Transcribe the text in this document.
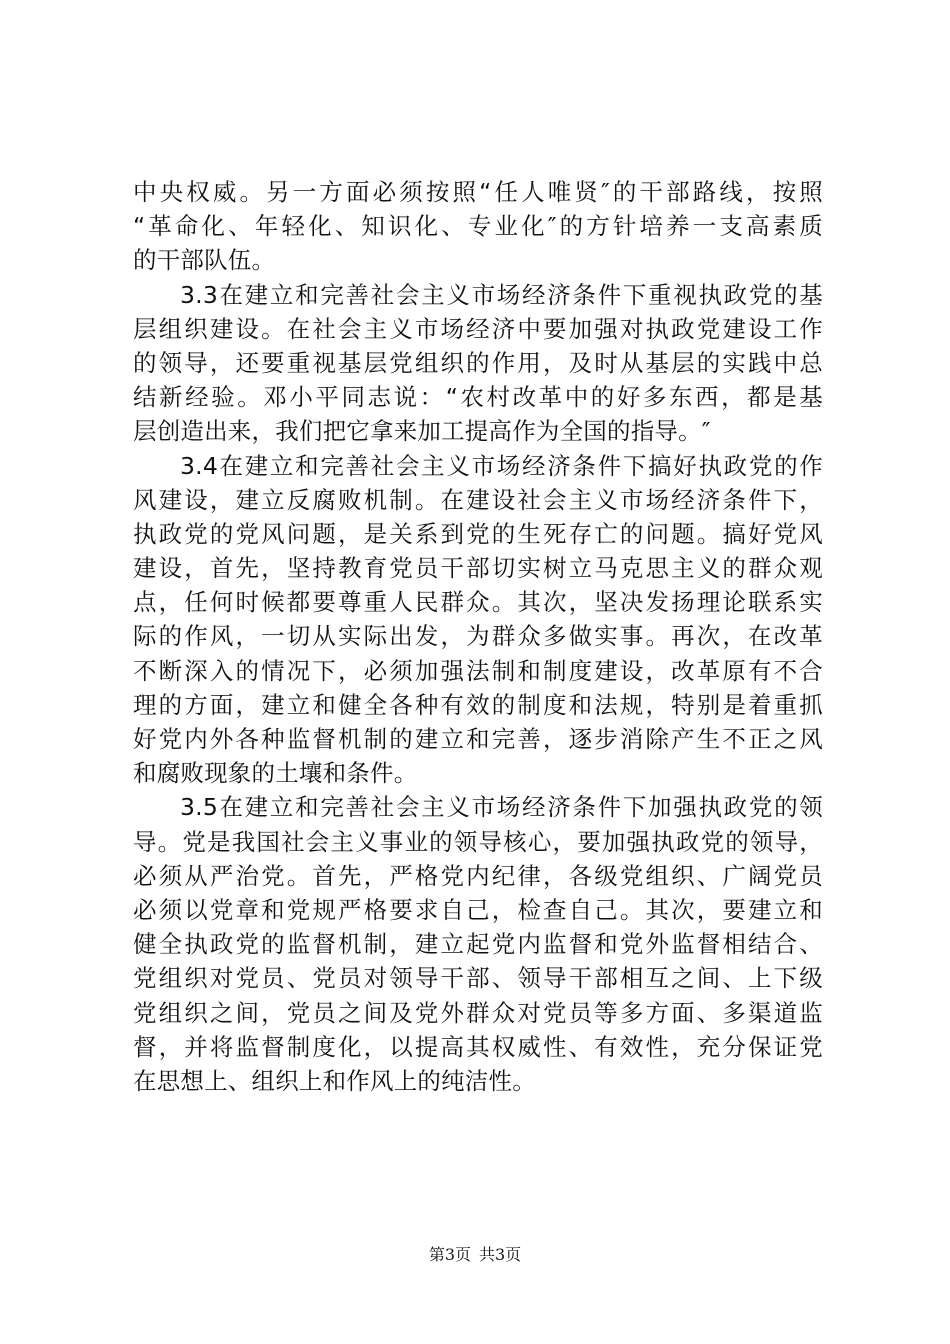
中央权威。另一方面必须按照“任人唯贤″的干部路线，按照
“革命化、年轻化、知识化、专业化″的方针培养一支高素质
的干部队伍。
3.3在建立和完善社会主义市场经济条件下重视执政党的基
层组织建设。在社会主义市场经济中要加强对执政党建设工作
的领导，还要重视基层党组织的作用，及时从基层的实践中总
结新经验。邓小平同志说：“农村改革中的好多东西，都是基
层创造出来，我们把它拿来加工提高作为全国的指导。″
3.4在建立和完善社会主义市场经济条件下搞好执政党的作
风建设，建立反腐败机制。在建设社会主义市场经济条件下，
执政党的党风问题，是关系到党的生死存亡的问题。搞好党风
建设，首先，坚持教育党员干部切实树立马克思主义的群众观
点，任何时候都要尊重人民群众。其次，坚决发扬理论联系实
际的作风，一切从实际出发，为群众多做实事。再次，在改革
不断深入的情况下，必须加强法制和制度建设，改革原有不合
理的方面，建立和健全各种有效的制度和法规，特别是着重抓
好党内外各种监督机制的建立和完善，逐步消除产生不正之风
和腐败现象的土壤和条件。
3.5在建立和完善社会主义市场经济条件下加强执政党的领
导。党是我国社会主义事业的领导核心，要加强执政党的领导，
必须从严治党。首先，严格党内纪律，各级党组织、广阔党员
必须以党章和党规严格要求自己，检查自己。其次，要建立和
健全执政党的监督机制，建立起党内监督和党外监督相结合、
党组织对党员、党员对领导干部、领导干部相互之间、上下级
党组织之间，党员之间及党外群众对党员等多方面、多渠道监
督，并将监督制度化，以提高其权威性、有效性，充分保证党
在思想上、组织上和作风上的纯洁性。
第3页 共3页
